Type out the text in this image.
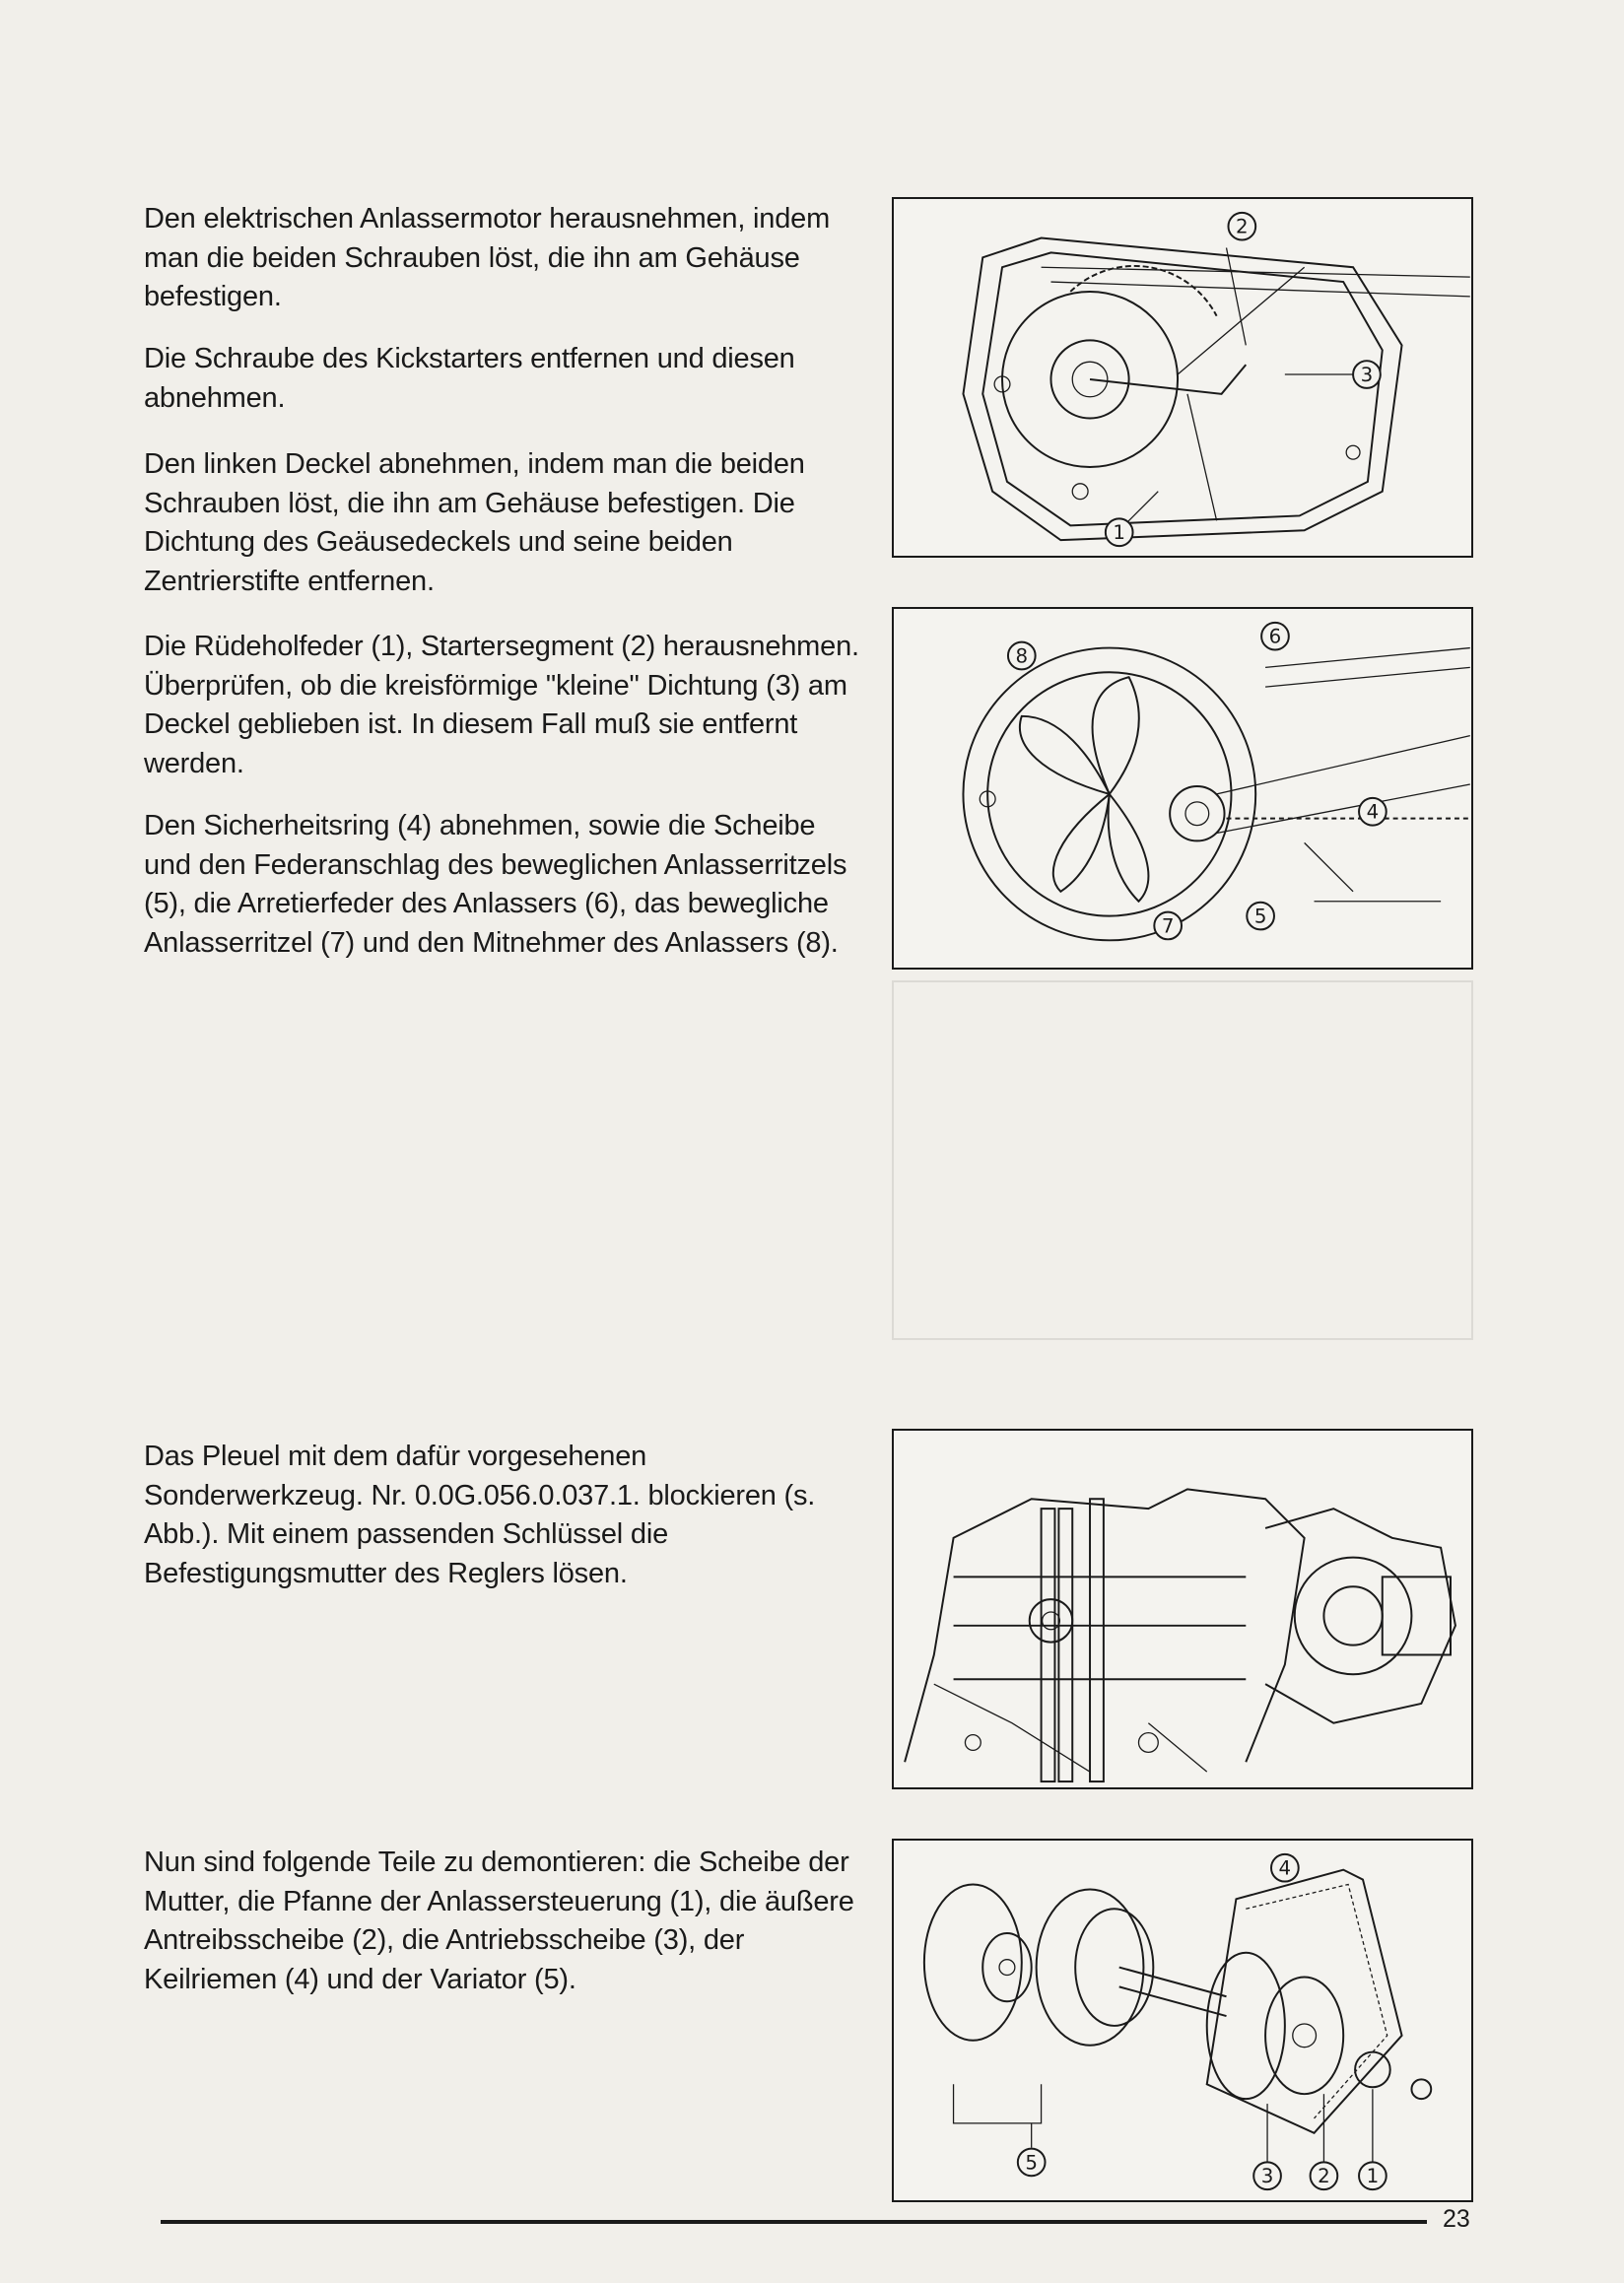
Den elektrischen Anlassermotor herausnehmen, indem man die beiden Schrauben löst, die ihn am Gehäuse befestigen.

Die Schraube des Kickstarters entfernen und diesen abnehmen.

Den linken Deckel abnehmen, indem man die beiden Schrauben löst, die ihn am Gehäuse befestigen. Die Dichtung des Geäusedeckels und seine beiden Zentrierstifte entfernen.

Die Rüdeholfeder (1), Startersegment (2) herausnehmen. Überprüfen, ob die kreisförmige "kleine" Dichtung (3) am Deckel geblieben ist. In diesem Fall muß sie entfernt werden.

Den Sicherheitsring (4) abnehmen, sowie die Scheibe und den Federanschlag des beweglichen Anlasserritzels (5), die Arretierfeder des Anlassers (6), das bewegliche Anlasserritzel (7) und den Mitnehmer des Anlassers (8).

Das Pleuel mit dem dafür vorgesehenen Sonderwerkzeug. Nr. 0.0G.056.0.037.1. blockieren (s. Abb.). Mit einem passenden Schlüssel die Befestigungsmutter des Reglers lösen.

Nun sind folgende Teile zu demontieren: die Scheibe der Mutter, die Pfanne der Anlassersteuerung (1), die äußere Antreibsscheibe (2), die Antriebsscheibe (3), der Keilriemen (4) und der Variator (5).

2
3
1
8
6
4
7	5
4
5
3 2 1
23
